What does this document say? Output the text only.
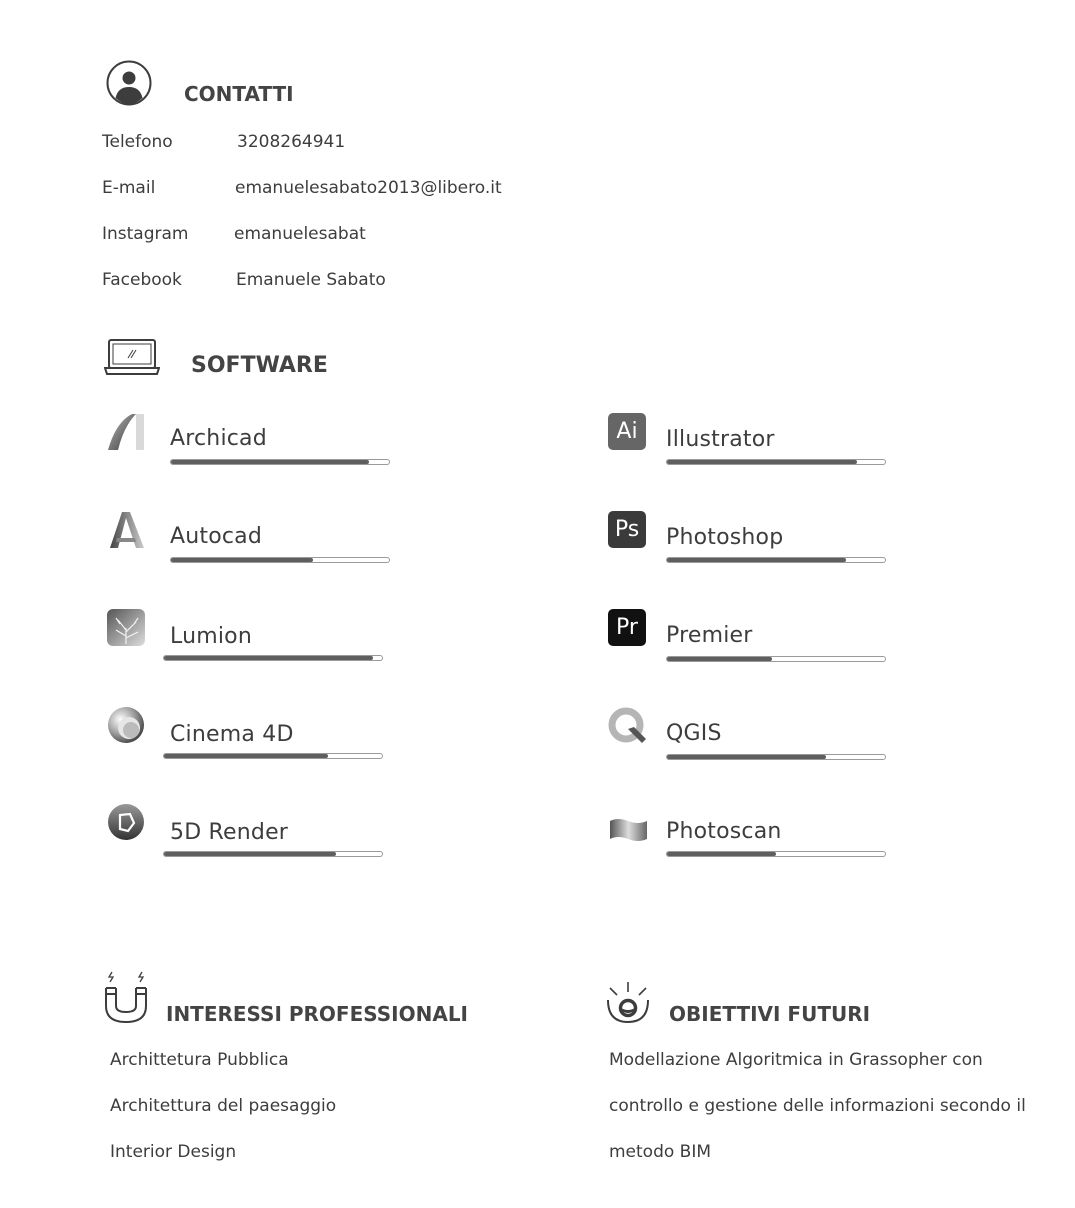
CONTATTI
Telefono	3208264941
E-mail	emanuelesabato2013@libero.it
Instagram	emanuelesabat
Facebook	Emanuele Sabato
SOFTWARE
Archicad
Autocad
Lumion
Cinema 4D
5D Render
Ai	Illustrator
Ps	Photoshop
Pr	Premier
QGIS
Photoscan
INTERESSI PROFESSIONALI
Archittetura Pubblica
Architettura del paesaggio
Interior Design
OBIETTIVI FUTURI
Modellazione Algoritmica in Grassopher con
controllo e gestione delle informazioni secondo il
metodo BIM
